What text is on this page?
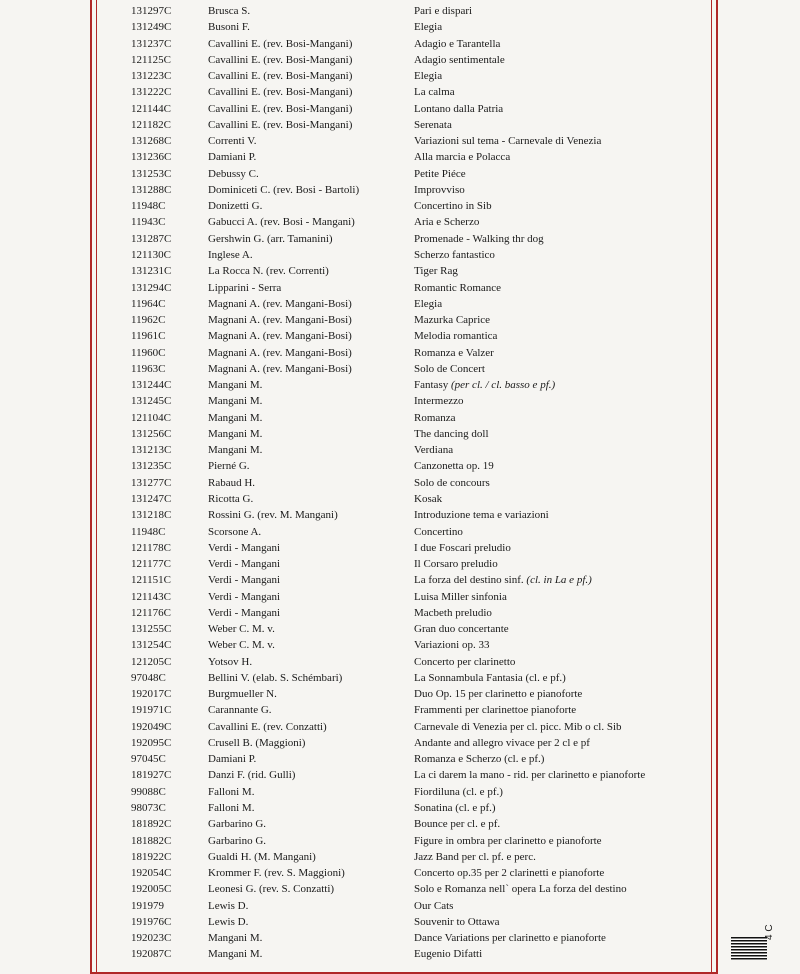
131297C	Brusca S.	Pari e dispari
131249C	Busoni F.	Elegia
131237C	Cavallini E. (rev. Bosi-Mangani)	Adagio e Tarantella
121125C	Cavallini E. (rev. Bosi-Mangani)	Adagio sentimentale
131223C	Cavallini E. (rev. Bosi-Mangani)	Elegia
131222C	Cavallini E. (rev. Bosi-Mangani)	La calma
121144C	Cavallini E. (rev. Bosi-Mangani)	Lontano dalla Patria
121182C	Cavallini E. (rev. Bosi-Mangani)	Serenata
131268C	Correnti V.	Variazioni sul tema - Carnevale di Venezia
131236C	Damiani P.	Alla marcia e Polacca
131253C	Debussy C.	Petite Piéce
131288C	Dominiceti C. (rev. Bosi - Bartoli)	Improvviso
11948C	Donizetti G.	Concertino in Sib
11943C	Gabucci A. (rev. Bosi - Mangani)	Aria e Scherzo
131287C	Gershwin G. (arr. Tamanini)	Promenade - Walking thr dog
121130C	Inglese A.	Scherzo fantastico
131231C	La Rocca N. (rev. Correnti)	Tiger Rag
131294C	Lipparini - Serra	Romantic Romance
11964C	Magnani A. (rev. Mangani-Bosi)	Elegia
11962C	Magnani A. (rev. Mangani-Bosi)	Mazurka Caprice
11961C	Magnani A. (rev. Mangani-Bosi)	Melodia romantica
11960C	Magnani A. (rev. Mangani-Bosi)	Romanza e Valzer
11963C	Magnani A. (rev. Mangani-Bosi)	Solo de Concert
131244C	Mangani M.	Fantasy (per cl. / cl. basso e pf.)
131245C	Mangani M.	Intermezzo
121104C	Mangani M.	Romanza
131256C	Mangani M.	The dancing doll
131213C	Mangani M.	Verdiana
131235C	Pierné G.	Canzonetta op. 19
131277C	Rabaud H.	Solo de concours
131247C	Ricotta G.	Kosak
131218C	Rossini G. (rev. M. Mangani)	Introduzione tema e variazioni
11948C	Scorsone A.	Concertino
121178C	Verdi - Mangani	I due Foscari preludio
121177C	Verdi - Mangani	Il Corsaro preludio
121151C	Verdi - Mangani	La forza del destino sinf. (cl. in La e pf.)
121143C	Verdi - Mangani	Luisa Miller sinfonia
121176C	Verdi - Mangani	Macbeth preludio
131255C	Weber C. M. v.	Gran duo concertante
131254C	Weber C. M. v.	Variazioni op. 33
121205C	Yotsov H.	Concerto per clarinetto
97048C	Bellini V. (elab. S. Schémbari)	La Sonnambula Fantasia (cl. e pf.)
192017C	Burgmueller N.	Duo Op. 15 per clarinetto e pianoforte
191971C	Carannante G.	Frammenti per clarinettoe pianoforte
192049C	Cavallini E. (rev. Conzatti)	Carnevale di Venezia per cl. picc. Mib o cl. Sib
192095C	Crusell B. (Maggioni)	Andante and allegro vivace per 2 cl e pf
97045C	Damiani P.	Romanza e Scherzo (cl. e pf.)
181927C	Danzi F. (rid. Gulli)	La ci darem la mano - rid. per clarinetto e pianoforte
99088C	Falloni M.	Fiordiluna (cl. e pf.)
98073C	Falloni M.	Sonatina (cl. e pf.)
181892C	Garbarino G.	Bounce per cl. e pf.
181882C	Garbarino G.	Figure in ombra per clarinetto e pianoforte
181922C	Gualdi H. (M. Mangani)	Jazz Band per cl. pf. e perc.
192054C	Krommer F. (rev. S. Maggioni)	Concerto op.35 per 2 clarinetti e pianoforte
192005C	Leonesi G. (rev. S. Conzatti)	Solo e Romanza nell` opera La forza del destino
191979	Lewis D.	Our Cats
191976C	Lewis D.	Souvenir to Ottawa
192023C	Mangani M.	Dance Variations per clarinetto e pianoforte
192087C	Mangani M.	Eugenio Difatti
4 C
